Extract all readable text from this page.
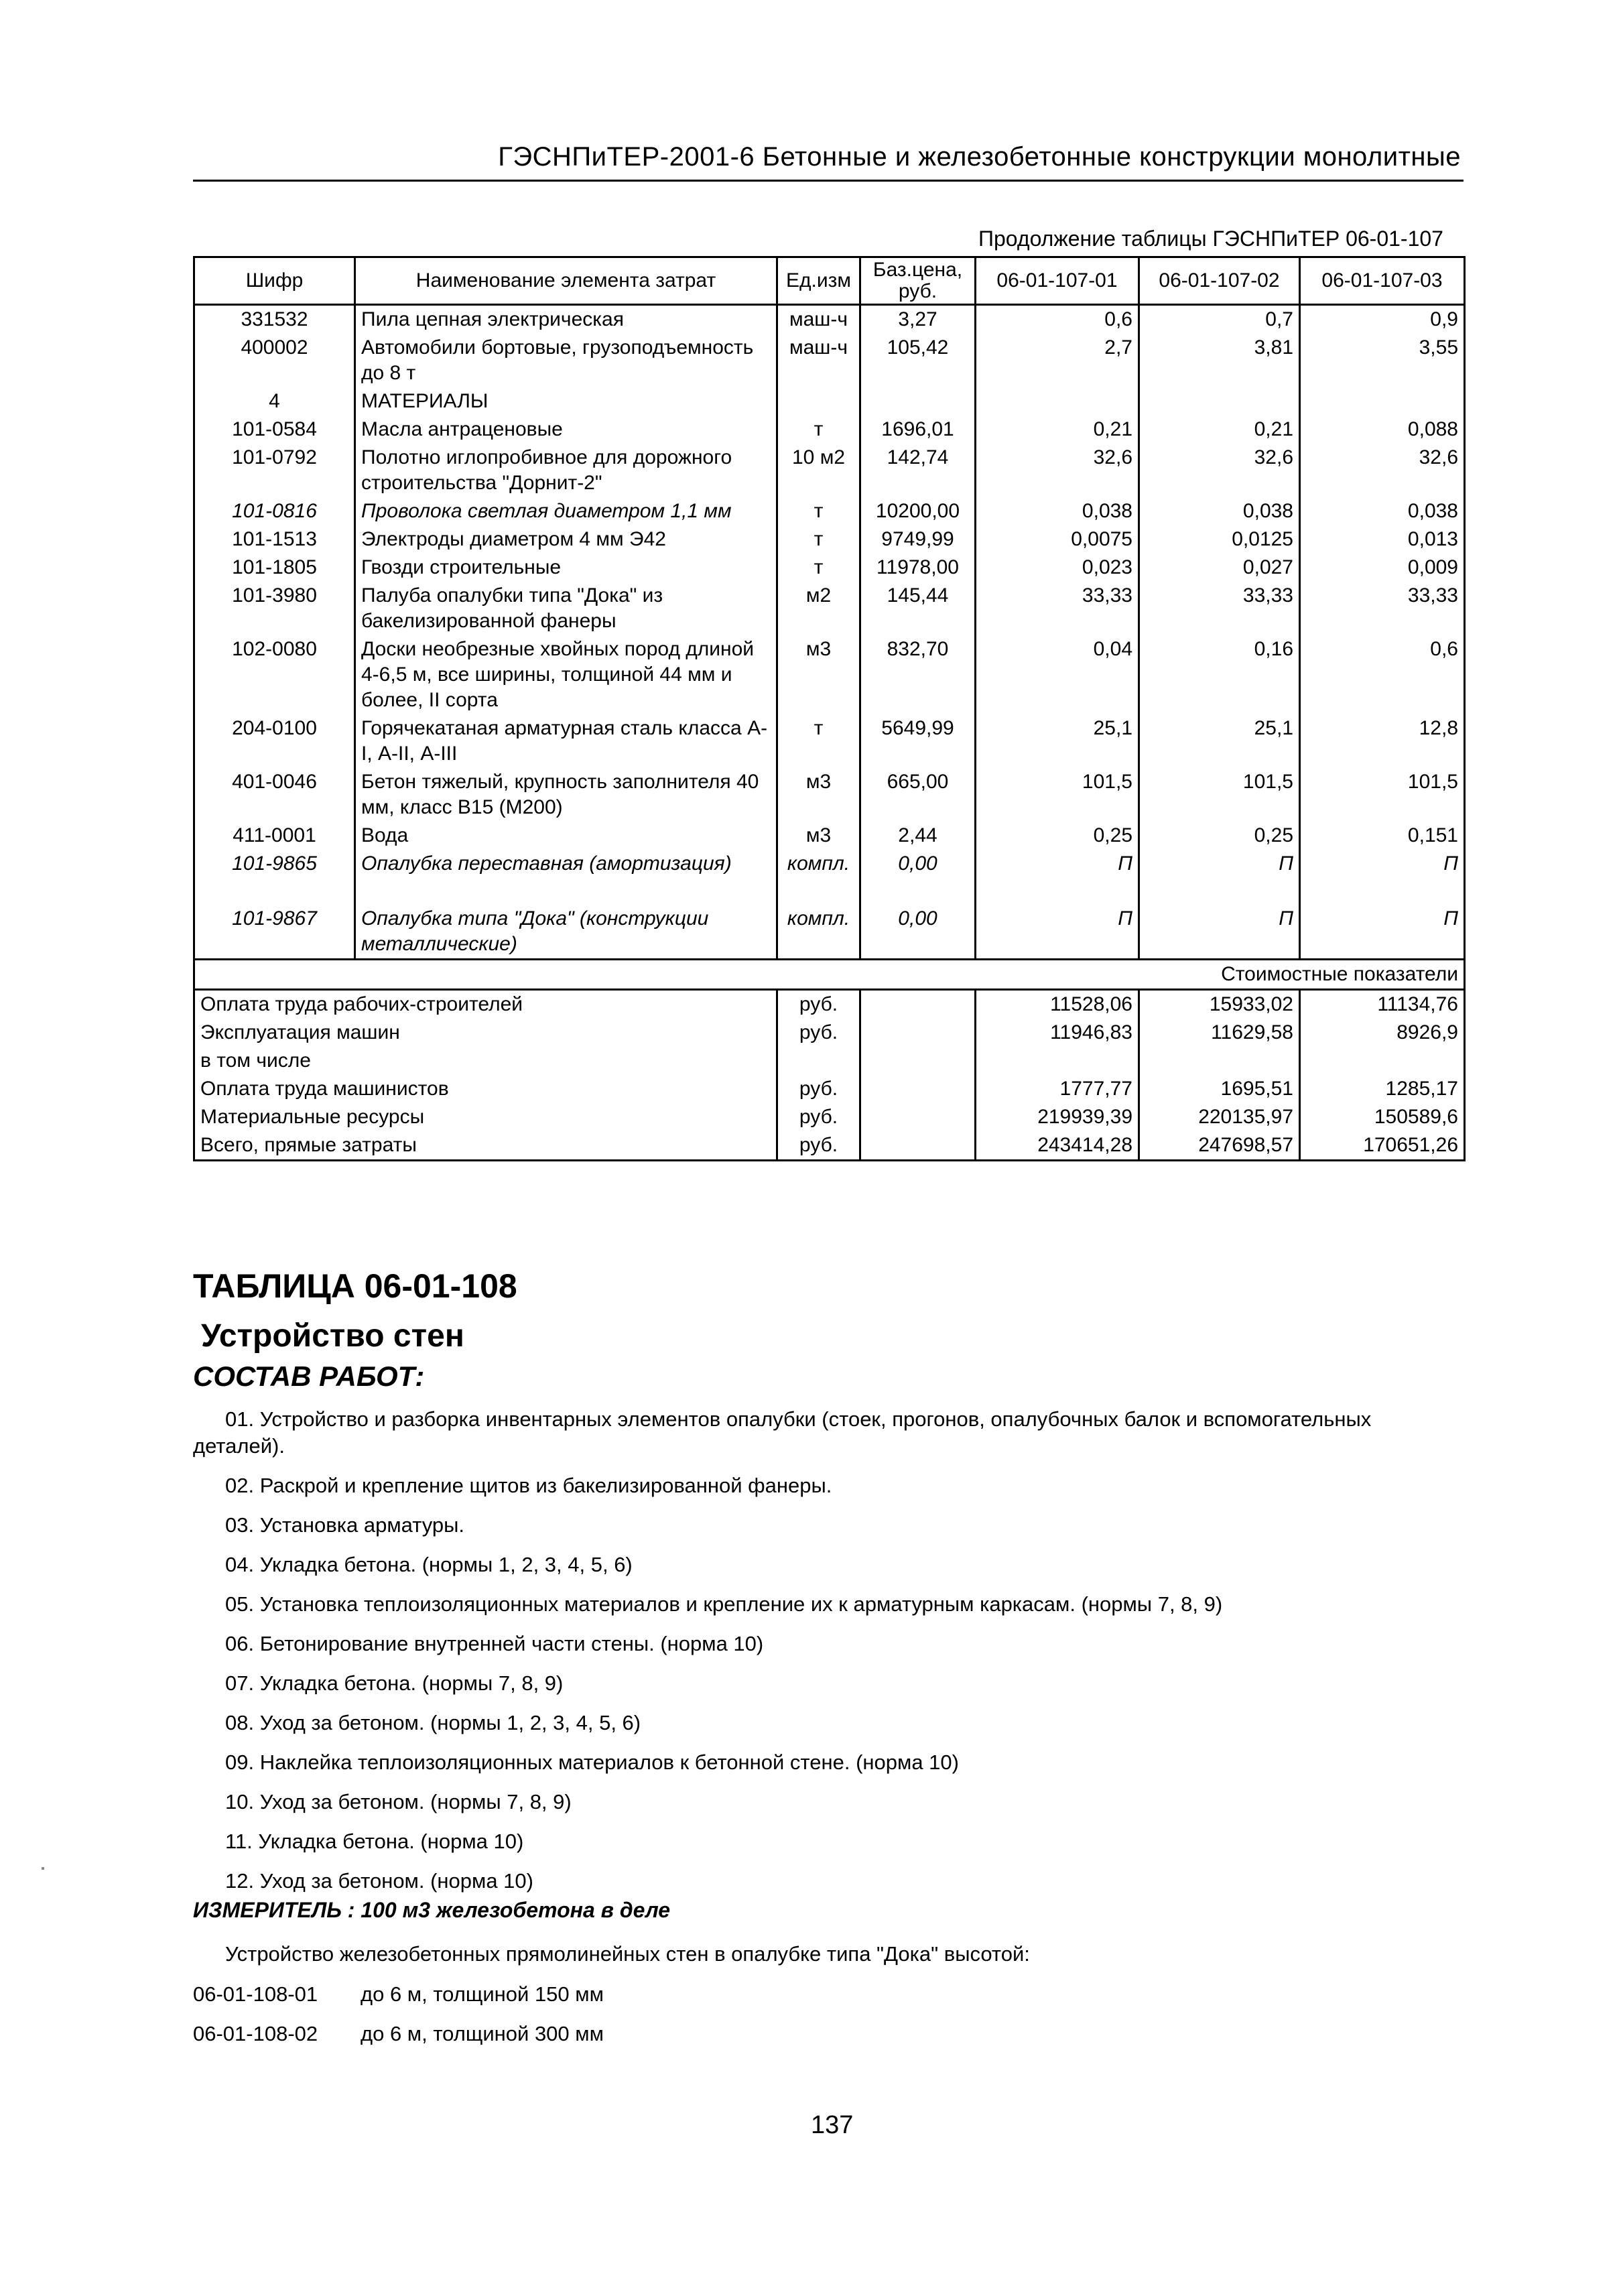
ГЭСНПиТЕР-2001-6 Бетонные и железобетонные конструкции монолитные
Продолжение таблицы ГЭСНПиТЕР 06-01-107
Шифр	Наименование элемента затрат	Ед.изм	Баз.цена, руб.	06-01-107-01	06-01-107-02	06-01-107-03
331532	Пила цепная электрическая	маш-ч	3,27	0,6	0,7	0,9
400002	Автомобили бортовые, грузоподъемность до 8 т	маш-ч	105,42	2,7	3,81	3,55
4	МАТЕРИАЛЫ					
101-0584	Масла антраценовые	т	1696,01	0,21	0,21	0,088
101-0792	Полотно иглопробивное для дорожного строительства "Дорнит-2"	10 м2	142,74	32,6	32,6	32,6
101-0816	Проволока светлая диаметром 1,1 мм	т	10200,00	0,038	0,038	0,038
101-1513	Электроды диаметром 4 мм Э42	т	9749,99	0,0075	0,0125	0,013
101-1805	Гвозди строительные	т	11978,00	0,023	0,027	0,009
101-3980	Палуба опалубки типа "Дока" из бакелизированной фанеры	м2	145,44	33,33	33,33	33,33
102-0080	Доски необрезные хвойных пород длиной 4-6,5 м, все ширины, толщиной 44 мм и более, II сорта	м3	832,70	0,04	0,16	0,6
204-0100	Горячекатаная арматурная сталь класса А-I, А-II, А-III	т	5649,99	25,1	25,1	12,8
401-0046	Бетон тяжелый, крупность заполнителя 40 мм, класс В15 (М200)	м3	665,00	101,5	101,5	101,5
411-0001	Вода	м3	2,44	0,25	0,25	0,151
101-9865	Опалубка переставная (амортизация)	компл.	0,00	П	П	П

101-9867	Опалубка типа "Дока" (конструкции металлические)	компл.	0,00	П	П	П
				Стоимостные показатели		
Оплата труда рабочих-строителей		руб.		11528,06	15933,02	11134,76
Эксплуатация машин		руб.		11946,83	11629,58	8926,9
в том числе						
Оплата труда машинистов		руб.		1777,77	1695,51	1285,17
Материальные ресурсы		руб.		219939,39	220135,97	150589,6
Всего, прямые затраты		руб.		243414,28	247698,57	170651,26
ТАБЛИЦА 06-01-108
Устройство стен
СОСТАВ РАБОТ:
01. Устройство и разборка инвентарных элементов опалубки (стоек, прогонов, опалубочных балок и вспомогательных деталей).
02. Раскрой и крепление щитов из бакелизированной фанеры.
03. Установка арматуры.
04. Укладка бетона. (нормы 1, 2, 3, 4, 5, 6)
05. Установка теплоизоляционных материалов и крепление их к арматурным каркасам. (нормы 7, 8, 9)
06. Бетонирование внутренней части стены. (норма 10)
07. Укладка бетона. (нормы 7, 8, 9)
08. Уход за бетоном. (нормы 1, 2, 3, 4, 5, 6)
09. Наклейка теплоизоляционных материалов к бетонной стене. (норма 10)
10. Уход за бетоном. (нормы 7, 8, 9)
11. Укладка бетона. (норма 10)
12. Уход за бетоном. (норма 10)
ИЗМЕРИТЕЛЬ : 100 м3 железобетона в деле
Устройство железобетонных прямолинейных стен в опалубке типа "Дока" высотой:
06-01-108-01 до 6 м, толщиной 150 мм
06-01-108-02 до 6 м, толщиной 300 мм
137
